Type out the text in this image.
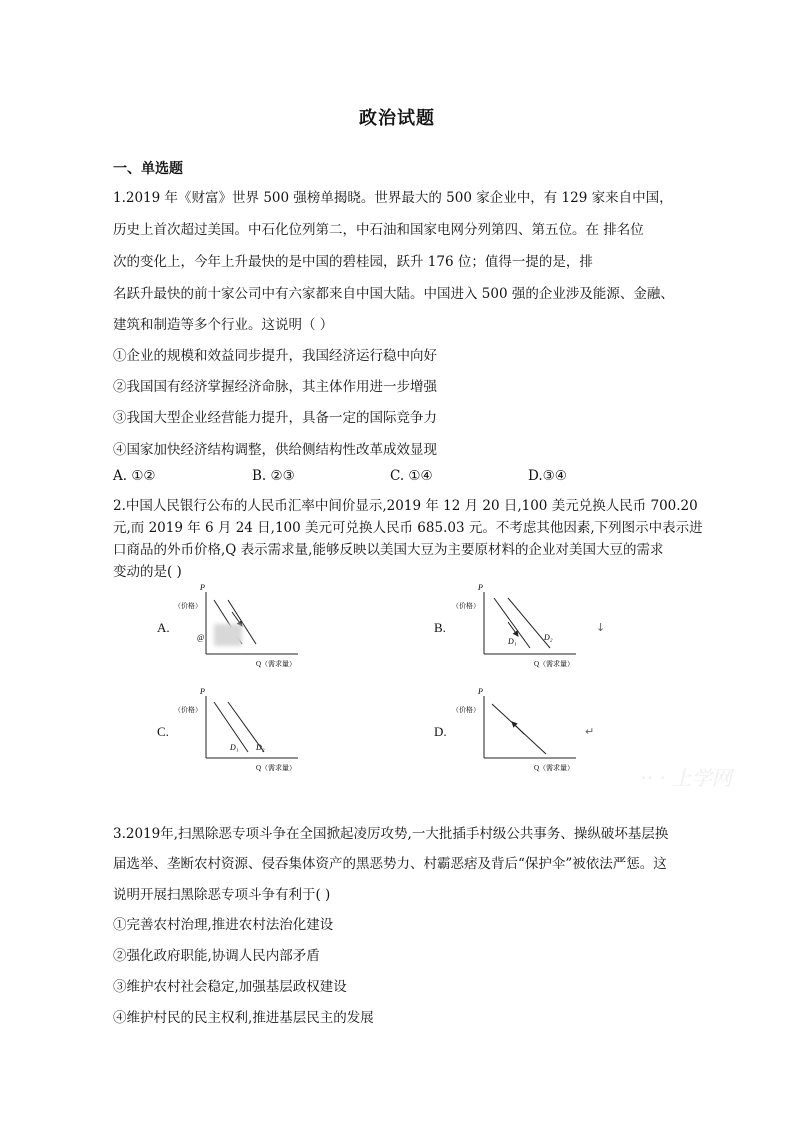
政治试题
一、单选题
1.2019 年《财富》世界 500 强榜单揭晓。世界最大的 500 家企业中，有 129 家来自中国，
历史上首次超过美国。中石化位列第二，中石油和国家电网分列第四、第五位。在 排名位
次的变化上，今年上升最快的是中国的碧桂园，跃升 176 位；值得一提的是，排
名跃升最快的前十家公司中有六家都来自中国大陆。中国进入 500 强的企业涉及能源、金融、
建筑和制造等多个行业。这说明（ ）
①企业的规模和效益同步提升，我国经济运行稳中向好
②我国国有经济掌握经济命脉，其主体作用进一步增强
③我国大型企业经营能力提升，具备一定的国际竞争力
④国家加快经济结构调整，供给侧结构性改革成效显现
A. ①②	B. ②③	C. ①④	D.③④
2.中国人民银行公布的人民币汇率中间价显示,2019 年 12 月 20 日,100 美元兑换人民币 700.20
元,而 2019 年 6 月 24 日,100 美元可兑换人民币 685.03 元。不考虑其他因素,下列图示中表示进
口商品的外币价格,Q 表示需求量,能够反映以美国大豆为主要原材料的企业对美国大豆的需求
变动的是( )
A.	B.
C.	D.
P
（价格）
@
Q（需求量）
P
（价格）
D₁	D₂
Q（需求量）
P
（价格）
D₁ D₂
Q（需求量）
P
（价格）
Q（需求量）
↓
↵
·· · 上学网
3.2019年,扫黑除恶专项斗争在全国掀起凌厉攻势,一大批插手村级公共事务、操纵破坏基层换
届选举、垄断农村资源、侵吞集体资产的黑恶势力、村霸恶痞及背后“保护伞”被依法严惩。这
说明开展扫黑除恶专项斗争有利于( )
①完善农村治理,推进农村法治化建设
②强化政府职能,协调人民内部矛盾
③维护农村社会稳定,加强基层政权建设
④维护村民的民主权利,推进基层民主的发展
